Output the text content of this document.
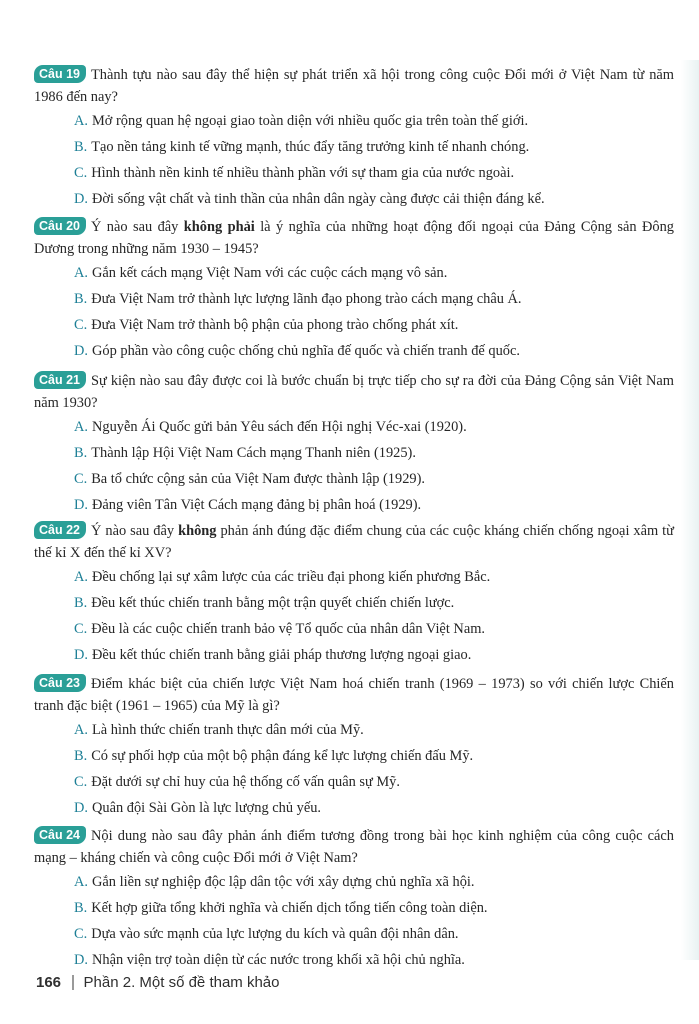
Câu 19 Thành tựu nào sau đây thể hiện sự phát triển xã hội trong công cuộc Đổi mới ở Việt Nam từ năm 1986 đến nay?

A. Mở rộng quan hệ ngoại giao toàn diện với nhiều quốc gia trên toàn thế giới.
B. Tạo nền tảng kinh tế vững mạnh, thúc đẩy tăng trưởng kinh tế nhanh chóng.
C. Hình thành nền kinh tế nhiều thành phần với sự tham gia của nước ngoài.
D. Đời sống vật chất và tinh thần của nhân dân ngày càng được cải thiện đáng kể.

Câu 20 Ý nào sau đây không phải là ý nghĩa của những hoạt động đối ngoại của Đảng Cộng sản Đông Dương trong những năm 1930 – 1945?

A. Gắn kết cách mạng Việt Nam với các cuộc cách mạng vô sản.
B. Đưa Việt Nam trở thành lực lượng lãnh đạo phong trào cách mạng châu Á.
C. Đưa Việt Nam trở thành bộ phận của phong trào chống phát xít.
D. Góp phần vào công cuộc chống chủ nghĩa đế quốc và chiến tranh đế quốc.

Câu 21 Sự kiện nào sau đây được coi là bước chuẩn bị trực tiếp cho sự ra đời của Đảng Cộng sản Việt Nam năm 1930?

A. Nguyễn Ái Quốc gửi bản Yêu sách đến Hội nghị Véc-xai (1920).
B. Thành lập Hội Việt Nam Cách mạng Thanh niên (1925).
C. Ba tổ chức cộng sản của Việt Nam được thành lập (1929).
D. Đảng viên Tân Việt Cách mạng đảng bị phân hoá (1929).

Câu 22 Ý nào sau đây không phản ánh đúng đặc điểm chung của các cuộc kháng chiến chống ngoại xâm từ thế kỉ X đến thế kỉ XV?

A. Đều chống lại sự xâm lược của các triều đại phong kiến phương Bắc.
B. Đều kết thúc chiến tranh bằng một trận quyết chiến chiến lược.
C. Đều là các cuộc chiến tranh bảo vệ Tổ quốc của nhân dân Việt Nam.
D. Đều kết thúc chiến tranh bằng giải pháp thương lượng ngoại giao.

Câu 23 Điểm khác biệt của chiến lược Việt Nam hoá chiến tranh (1969 – 1973) so với chiến lược Chiến tranh đặc biệt (1961 – 1965) của Mỹ là gì?

A. Là hình thức chiến tranh thực dân mới của Mỹ.
B. Có sự phối hợp của một bộ phận đáng kể lực lượng chiến đấu Mỹ.
C. Đặt dưới sự chỉ huy của hệ thống cố vấn quân sự Mỹ.
D. Quân đội Sài Gòn là lực lượng chủ yếu.

Câu 24 Nội dung nào sau đây phản ánh điểm tương đồng trong bài học kinh nghiệm của công cuộc cách mạng – kháng chiến và công cuộc Đổi mới ở Việt Nam?

A. Gắn liền sự nghiệp độc lập dân tộc với xây dựng chủ nghĩa xã hội.
B. Kết hợp giữa tổng khởi nghĩa và chiến dịch tổng tiến công toàn diện.
C. Dựa vào sức mạnh của lực lượng du kích và quân đội nhân dân.
D. Nhận viện trợ toàn diện từ các nước trong khối xã hội chủ nghĩa.
166 Phần 2. Một số đề tham khảo
